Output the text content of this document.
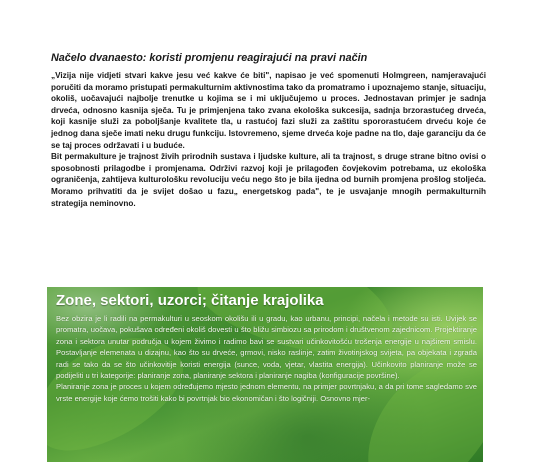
Načelo dvanaesto: koristi promjenu reagirajući na pravi način

„Vizija nije vidjeti stvari kakve jesu već kakve će biti", napisao je već spomenuti Holmgreen, namjeravajući poručiti da moramo pristupati permakulturnim aktivnostima tako da promatramo i upoznajemo stanje, situaciju, okoliš, uočavajući najbolje trenutke u kojima se i mi uključujemo u proces. Jednostavan primjer je sadnja drveća, odnosno kasnija sječa. Tu je primjenjena tako zvana ekološka sukcesija, sadnja brzorastućeg drveća, koji kasnije služi za poboljšanje kvalitete tla, u rastućoj fazi služi za zaštitu spororastućem drveću koje će jednog dana sječe imati neku drugu funkciju. Istovremeno, sjeme drveća koje padne na tlo, daje garanciju da će se taj proces održavati i u buduće.

Bit permakulture je trajnost živih prirodnih sustava i ljudske kulture, ali ta trajnost, s druge strane bitno ovisi o sposobnosti prilagodbe i promjenama. Održivi razvoj koji je prilagođen čovjekovim potrebama, uz ekološka ograničenja, zahtijeva kulturološku revoluciju veću nego što je bila ijedna od burnih promjena prošlog stoljeća. Moramo prihvatiti da je svijet došao u fazu„ energetskog pada", te je usvajanje mnogih permakulturnih strategija neminovno.

Zone, sektori, uzorci; čitanje krajolika

Bez obzira je li radili na permakulturi u seoskom okolišu ili u gradu, kao urbanu, principi, načela i metode su isti. Uvijek se promatra, uočava, pokušava određeni okoliš dovesti u što bližu simbiozu sa prirodom i društvenom zajednicom. Projektiranje zona i sektora unutar područja u kojem živimo i radimo bavi se sustvari učinkovitošću trošenja energije u najširem smislu. Postavljanje elemenata u dizajnu, kao što su drveće, grmovi, nisko raslinje, zatim životinjskog svijeta, pa objekata i zgrada radi se tako da se što učinkovitije koristi energija (sunce, voda, vjetar, vlastita energija). Učinkovito planiranje može se podijeliti u tri kategorije: planiranje zona, planiranje sektora i planiranje nagiba (konfiguracije površine).

Planiranje zona je proces u kojem određujemo mjesto jednom elementu, na primjer povrtnjaku, a da pri tome sagledamo sve vrste energije koje ćemo trošiti kako bi povrtnjak bio ekonomičan i što logičniji. Osnovno mjer-
